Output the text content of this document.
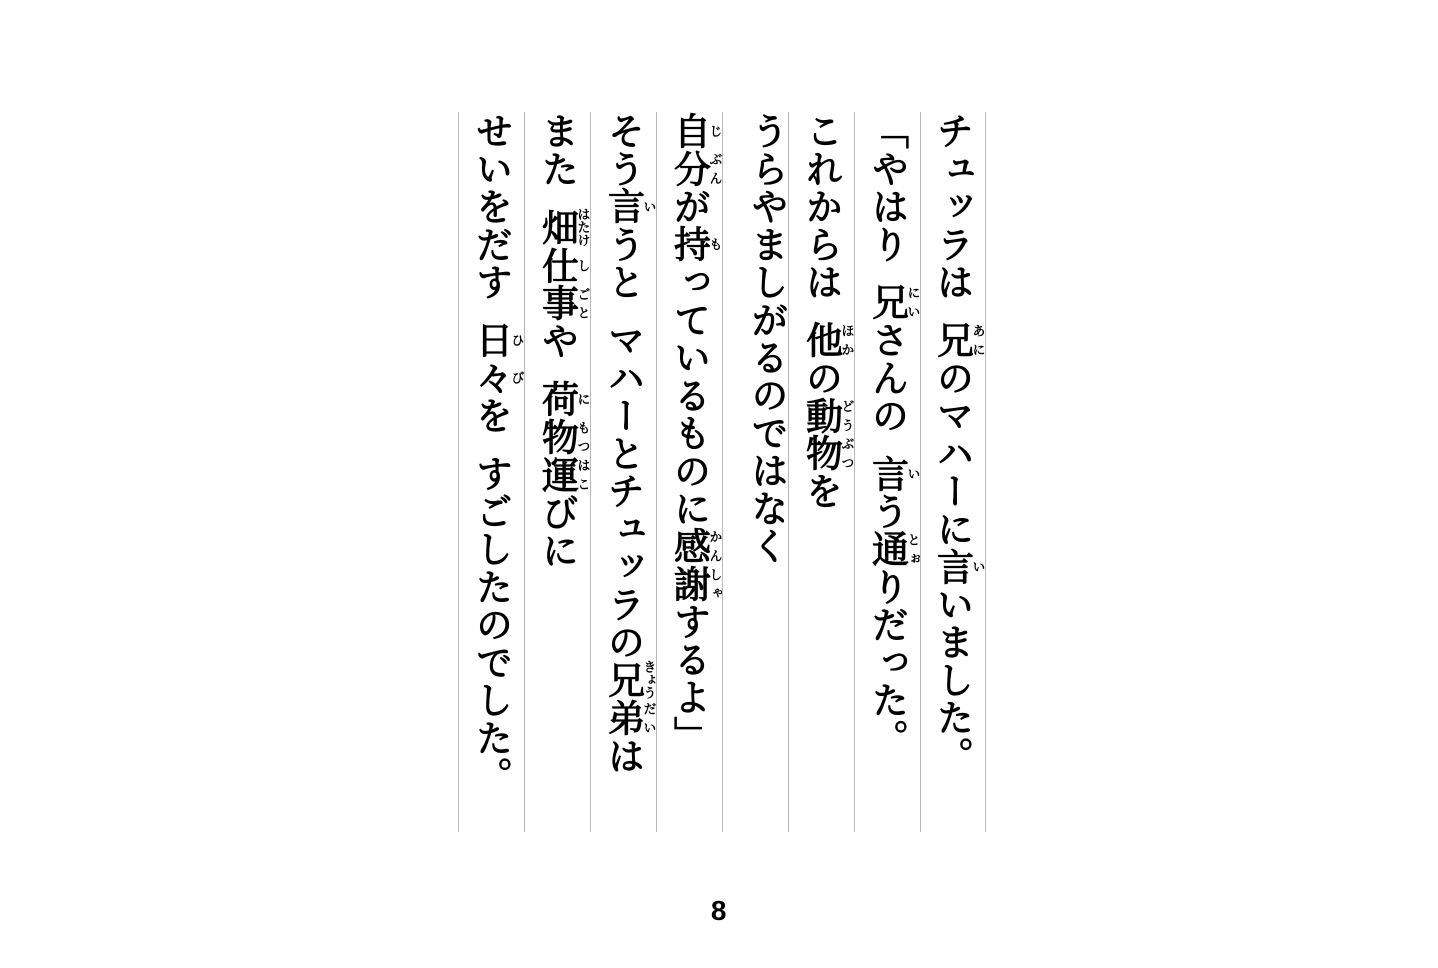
チュッラは兄あにのマハーに言いいました。
「やはり兄にいさんの言いう通とぉりだった。
これからは他ほかの動どう物ぶつを
うらやましがるのではなく
自じ分ぶんが持もっているものに感かん謝しゃするよ」
そう言いうとマハーとチュッラの兄きょう弟だいは
また畑はたけ仕し事ごとや荷に物もつ運はこびに
せいをだす日ひ々びをすごしたのでした。
8
